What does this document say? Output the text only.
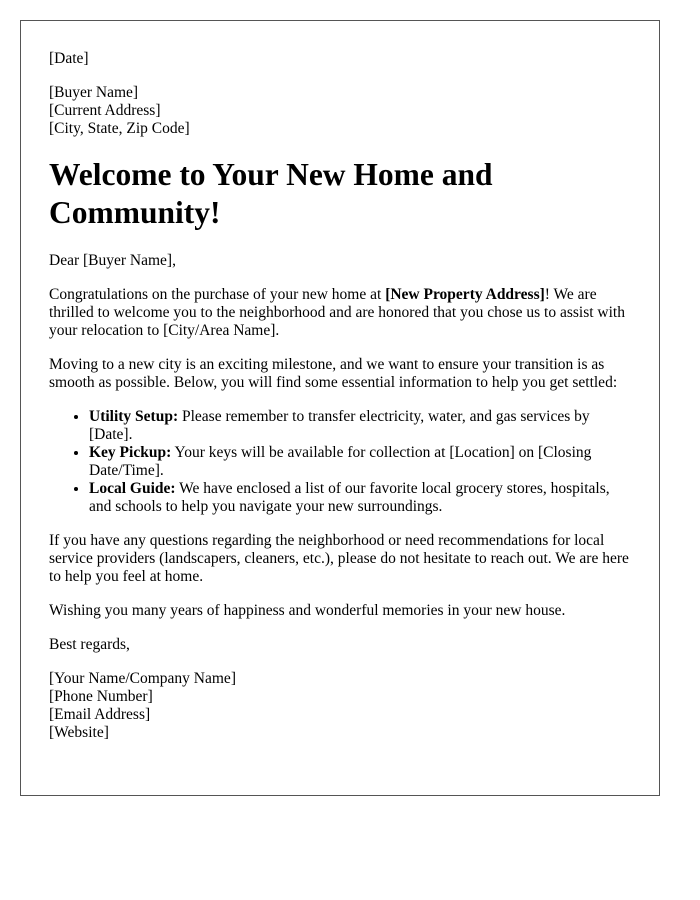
[Date]

[Buyer Name]
[Current Address]
[City, State, Zip Code]
Welcome to Your New Home and Community!

Dear [Buyer Name],

Congratulations on the purchase of your new home at [New Property Address]! We are thrilled to welcome you to the neighborhood and are honored that you chose us to assist with your relocation to [City/Area Name].

Moving to a new city is an exciting milestone, and we want to ensure your transition is as smooth as possible. Below, you will find some essential information to help you get settled:

• Utility Setup: Please remember to transfer electricity, water, and gas services by [Date].
• Key Pickup: Your keys will be available for collection at [Location] on [Closing Date/Time].
• Local Guide: We have enclosed a list of our favorite local grocery stores, hospitals, and schools to help you navigate your new surroundings.

If you have any questions regarding the neighborhood or need recommendations for local service providers (landscapers, cleaners, etc.), please do not hesitate to reach out. We are here to help you feel at home.

Wishing you many years of happiness and wonderful memories in your new house.

Best regards,

[Your Name/Company Name]
[Phone Number]
[Email Address]
[Website]
